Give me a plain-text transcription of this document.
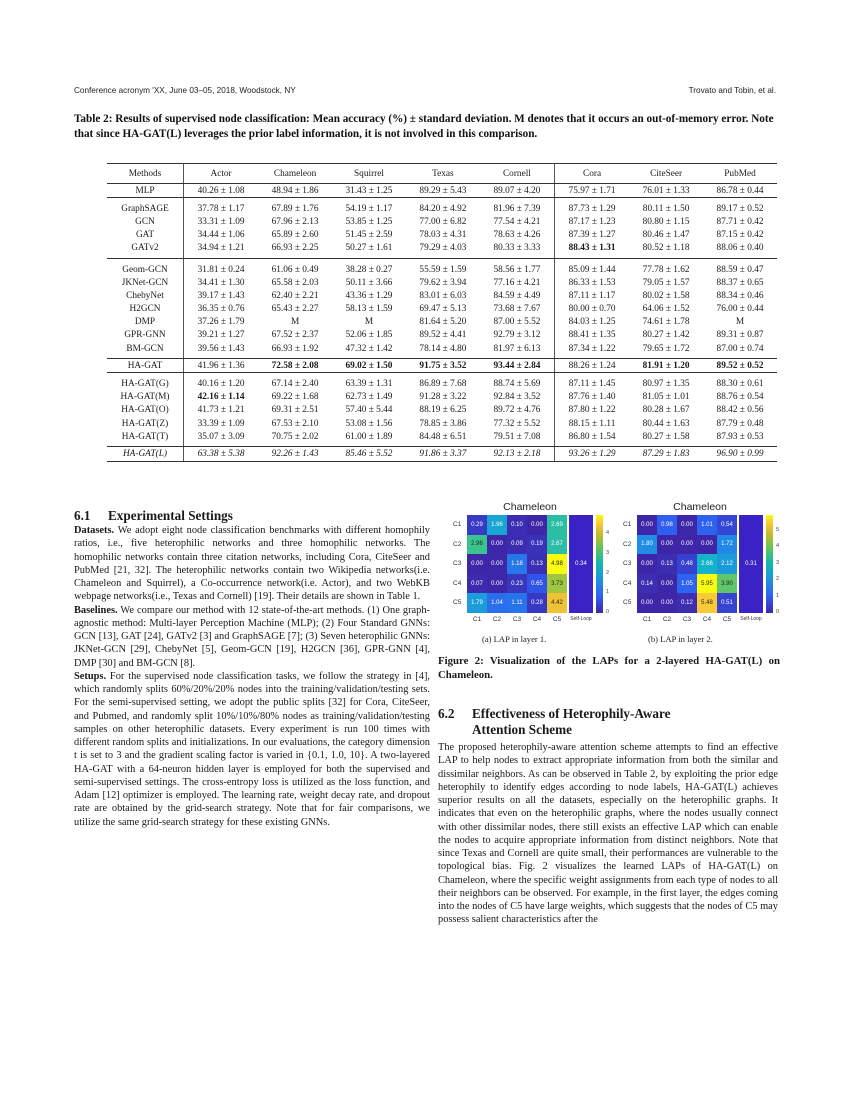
Conference acronym 'XX, June 03–05, 2018, Woodstock, NY	Trovato and Tobin, et al.
Table 2: Results of supervised node classification: Mean accuracy (%) ± standard deviation. M denotes that it occurs an out-of-memory error. Note that since HA-GAT(L) leverages the prior label information, it is not involved in this comparison.
Methods	Actor	Chameleon	Squirrel	Texas	Cornell	Cora	CiteSeer	PubMed
MLP	40.26 ± 1.08	48.94 ± 1.86	31.43 ± 1.25	89.29 ± 5.43	89.07 ± 4.20	75.97 ± 1.71	76.01 ± 1.33	86.78 ± 0.44
GraphSAGE	37.78 ± 1.17	67.89 ± 1.76	54.19 ± 1.17	84.20 ± 4.92	81.96 ± 7.39	87.73 ± 1.29	80.11 ± 1.50	89.17 ± 0.52
GCN	33.31 ± 1.09	67.96 ± 2.13	53.85 ± 1.25	77.00 ± 6.82	77.54 ± 4.21	87.17 ± 1.23	80.80 ± 1.15	87.71 ± 0.42
GAT	34.44 ± 1.06	65.89 ± 2.60	51.45 ± 2.59	78.03 ± 4.31	78.63 ± 4.26	87.39 ± 1.27	80.46 ± 1.47	87.15 ± 0.42
GATv2	34.94 ± 1.21	66.93 ± 2.25	50.27 ± 1.61	79.29 ± 4.03	80.33 ± 3.33	88.43 ± 1.31	80.52 ± 1.18	88.06 ± 0.40
Geom-GCN	31.81 ± 0.24	61.06 ± 0.49	38.28 ± 0.27	55.59 ± 1.59	58.56 ± 1.77	85.09 ± 1.44	77.78 ± 1.62	88.59 ± 0.47
JKNet-GCN	34.41 ± 1.30	65.58 ± 2.03	50.11 ± 3.66	79.62 ± 3.94	77.16 ± 4.21	86.33 ± 1.53	79.05 ± 1.57	88.37 ± 0.65
ChebyNet	39.17 ± 1.43	62.40 ± 2.21	43.36 ± 1.29	83.01 ± 6.03	84.59 ± 4.49	87.11 ± 1.17	80.02 ± 1.58	88.34 ± 0.46
H2GCN	36.35 ± 0.76	65.43 ± 2.27	58.13 ± 1.59	69.47 ± 5.13	73.68 ± 7.67	80.00 ± 0.70	64.06 ± 1.52	76.00 ± 0.44
DMP	37.26 ± 1.79	M	M	81.64 ± 5.20	87.00 ± 5.52	84.03 ± 1.25	74.61 ± 1.78	M
GPR-GNN	39.21 ± 1.27	67.52 ± 2.37	52.06 ± 1.85	89.52 ± 4.41	92.79 ± 3.12	88.41 ± 1.35	80.27 ± 1.42	89.31 ± 0.87
BM-GCN	39.56 ± 1.43	66.93 ± 1.92	47.32 ± 1.42	78.14 ± 4.80	81.97 ± 6.13	87.34 ± 1.22	79.65 ± 1.72	87.00 ± 0.74
HA-GAT	41.96 ± 1.36	72.58 ± 2.08	69.02 ± 1.50	91.75 ± 3.52	93.44 ± 2.84	88.26 ± 1.24	81.91 ± 1.20	89.52 ± 0.52
HA-GAT(G)	40.16 ± 1.20	67.14 ± 2.40	63.39 ± 1.31	86.89 ± 7.68	88.74 ± 5.69	87.11 ± 1.45	80.97 ± 1.35	88.30 ± 0.61
HA-GAT(M)	42.16 ± 1.14	69.22 ± 1.68	62.73 ± 1.49	91.28 ± 3.22	92.84 ± 3.52	87.76 ± 1.40	81.05 ± 1.01	88.76 ± 0.54
HA-GAT(O)	41.73 ± 1.21	69.31 ± 2.51	57.40 ± 5.44	88.19 ± 6.25	89.72 ± 4.76	87.80 ± 1.22	80.28 ± 1.67	88.42 ± 0.56
HA-GAT(Z)	33.39 ± 1.09	67.53 ± 2.10	53.08 ± 1.56	78.85 ± 3.86	77.32 ± 5.52	88.15 ± 1.11	80.44 ± 1.63	87.79 ± 0.48
HA-GAT(T)	35.07 ± 3.09	70.75 ± 2.02	61.00 ± 1.89	84.48 ± 6.51	79.51 ± 7.08	86.80 ± 1.54	80.27 ± 1.58	87.93 ± 0.53
HA-GAT(L)	63.38 ± 5.38	92.26 ± 1.43	85.46 ± 5.52	91.86 ± 3.37	92.13 ± 2.18	93.26 ± 1.29	87.29 ± 1.83	96.90 ± 0.99
6.1 Experimental Settings

Datasets. We adopt eight node classification benchmarks with different homophily ratios, i.e., five heterophilic networks and three homophilic networks. The homophilic networks contain three citation networks, including Cora, CiteSeer and PubMed [21, 32]. The heterophilic networks contain two Wikipedia networks(i.e. Chameleon and Squirrel), a Co-occurrence network(i.e. Actor), and two WebKB webpage networks(i.e., Texas and Cornell) [19]. Their details are shown in Table 1.

Baselines. We compare our method with 12 state-of-the-art methods. (1) One graph-agnostic method: Multi-layer Perception Machine (MLP); (2) Four Standard GNNs: GCN [13], GAT [24], GATv2 [3] and GraphSAGE [7]; (3) Seven heterophilic GNNs: JKNet-GCN [29], ChebyNet [5], Geom-GCN [19], H2GCN [36], GPR-GNN [4], DMP [30] and BM-GCN [8].

Setups. For the supervised node classification tasks, we follow the strategy in [4], which randomly splits 60%/20%/20% nodes into the training/validation/testing sets. For the semi-supervised setting, we adopt the public splits [32] for Cora, CiteSeer, and Pubmed, and randomly split 10%/10%/80% nodes as training/validation/testing samples on other heterophilic datasets. Every experiment is run 100 times with different random splits and initializations. In our evaluations, the category dimension t is set to 3 and the gradient scaling factor is varied in {0.1, 1.0, 10}. A two-layered HA-GAT with a 64-neuron hidden layer is employed for both the supervised and semi-supervised settings. The cross-entropy loss is utilized as the loss function, and Adam [12] optimizer is employed. The learning rate, weight decay rate, and dropout rate are obtained by the grid-search strategy. Note that for fair comparisons, we utilize the same grid-search strategy for these existing GNNs.

Chameleon
0.29	1.96	0.10	0.00	2.69
2.96	0.00	0.09	0.19	2.67
0.00	0.00	1.18	0.13	4.98
0.07	0.00	0.23	0.65	3.73
1.79	1.04	1.11	0.28	4.42
C1
C2
C3
C4
C5
C1	C2	C3	C4	C5
0.34
Self-Loop
0
1
2
3
4
Chameleon
0.00	0.98	0.00	1.01	0.54
1.80	0.00	0.00	0.00	1.72
0.00	0.13	0.48	2.66	2.12
0.14	0.00	1.05	5.95	3.90
0.00	0.00	0.12	5.48	0.51
C1
C2
C3
C4
C5
C1	C2	C3	C4	C5
0.31
Self-Loop
0
1
2
3
4
5
(a) LAP in layer 1.	(b) LAP in layer 2.
Figure 2: Visualization of the LAPs for a 2-layered HA-GAT(L) on Chameleon.
6.2 Effectiveness of Heterophily-Aware
Attention Scheme

The proposed heterophily-aware attention scheme attempts to find an effective LAP to help nodes to extract appropriate information from both the similar and dissimilar neighbors. As can be observed in Table 2, by exploiting the prior edge heterophily to identify edges according to node labels, HA-GAT(L) achieves superior results on all the datasets, especially on the heterophilic graphs. It indicates that even on the heterophilic graphs, where the nodes usually connect with other dissimilar nodes, there still exists an effective LAP which can enable the nodes to acquire appropriate information from distinct neighbors. Note that since Texas and Cornell are quite small, their performances are vulnerable to the topological bias. Fig. 2 visualizes the learned LAPs of HA-GAT(L) on Chameleon, where the specific weight assignments from each type of nodes to all their neighbors can be observed. For example, in the first layer, the edges coming into the nodes of C5 have large weights, which suggests that the nodes of C5 may possess salient characteristics after the
